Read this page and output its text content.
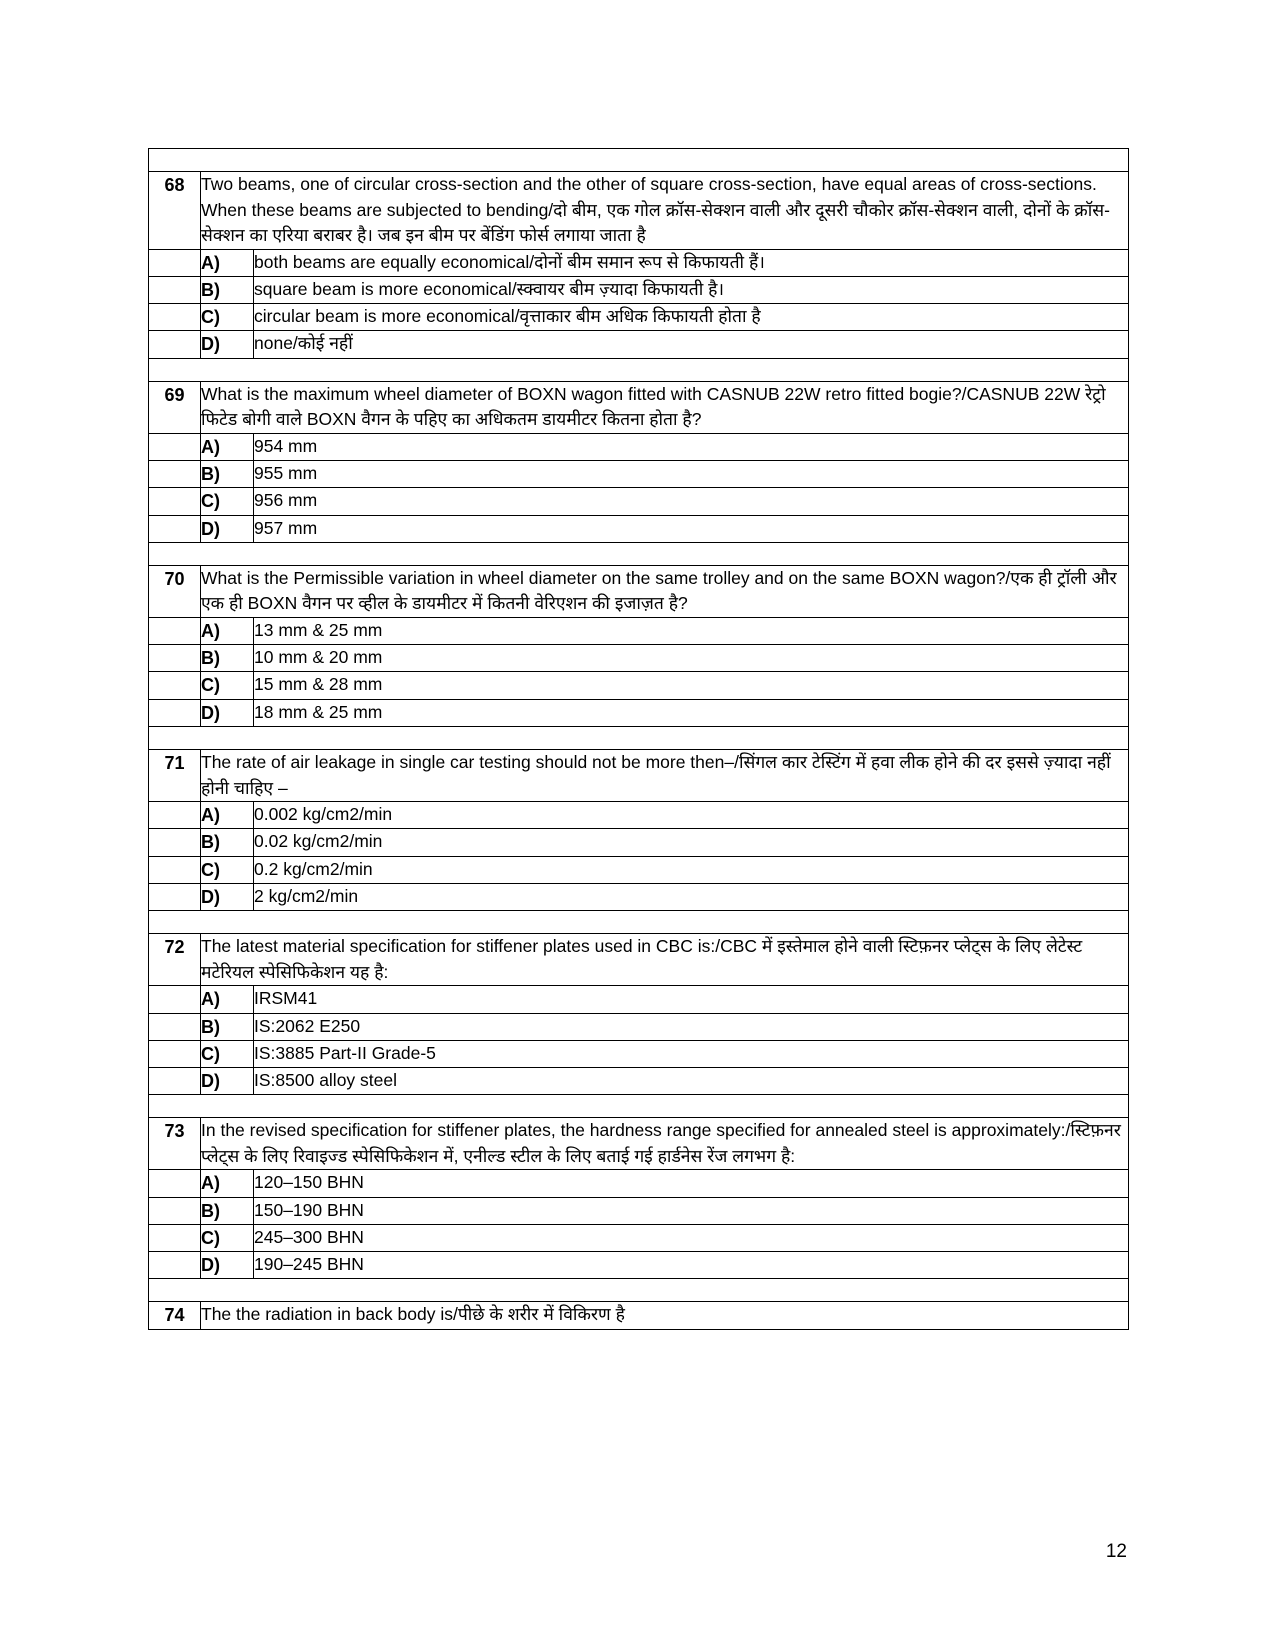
68	Two beams, one of circular cross-section and the other of square cross-section, have equal areas of cross-sections. When these beams are subjected to bending/दो बीम, एक गोल क्रॉस-सेक्शन वाली और दूसरी चौकोर क्रॉस-सेक्शन वाली, दोनों के क्रॉस-सेक्शन का एरिया बराबर है। जब इन बीम पर बेंडिंग फोर्स लगाया जाता है	
	A)	both beams are equally economical/दोनों बीम समान रूप से किफायती हैं।
	B)	square beam is more economical/स्क्वायर बीम ज़्यादा किफायती है।
	C)	circular beam is more economical/वृत्ताकार बीम अधिक किफायती होता है
	D)	none/कोई नहीं

69	What is the maximum wheel diameter of BOXN wagon fitted with CASNUB 22W retro fitted bogie?/CASNUB 22W रेट्रो फिटेड बोगी वाले BOXN वैगन के पहिए का अधिकतम डायमीटर कितना होता है?	
	A)	954 mm
	B)	955 mm
	C)	956 mm
	D)	957 mm

70	What is the Permissible variation in wheel diameter on the same trolley and on the same BOXN wagon?/एक ही ट्रॉली और एक ही BOXN वैगन पर व्हील के डायमीटर में कितनी वेरिएशन की इजाज़त है?	
	A)	13 mm & 25 mm
	B)	10 mm & 20 mm
	C)	15 mm & 28 mm
	D)	18 mm & 25 mm

71	The rate of air leakage in single car testing should not be more then–/सिंगल कार टेस्टिंग में हवा लीक होने की दर इससे ज़्यादा नहीं होनी चाहिए –	
	A)	0.002 kg/cm2/min
	B)	0.02 kg/cm2/min
	C)	0.2 kg/cm2/min
	D)	2 kg/cm2/min

72	The latest material specification for stiffener plates used in CBC is:/CBC में इस्तेमाल होने वाली स्टिफ़नर प्लेट्स के लिए लेटेस्ट मटेरियल स्पेसिफिकेशन यह है:	
	A)	IRSM41
	B)	IS:2062 E250
	C)	IS:3885 Part-II Grade-5
	D)	IS:8500 alloy steel

73	In the revised specification for stiffener plates, the hardness range specified for annealed steel is approximately:/स्टिफ़नर प्लेट्स के लिए रिवाइज्ड स्पेसिफिकेशन में, एनील्ड स्टील के लिए बताई गई हार्डनेस रेंज लगभग है:	
	A)	120–150 BHN
	B)	150–190 BHN
	C)	245–300 BHN
	D)	190–245 BHN

74	The the radiation in back body is/पीछे के शरीर में विकिरण है	
12
